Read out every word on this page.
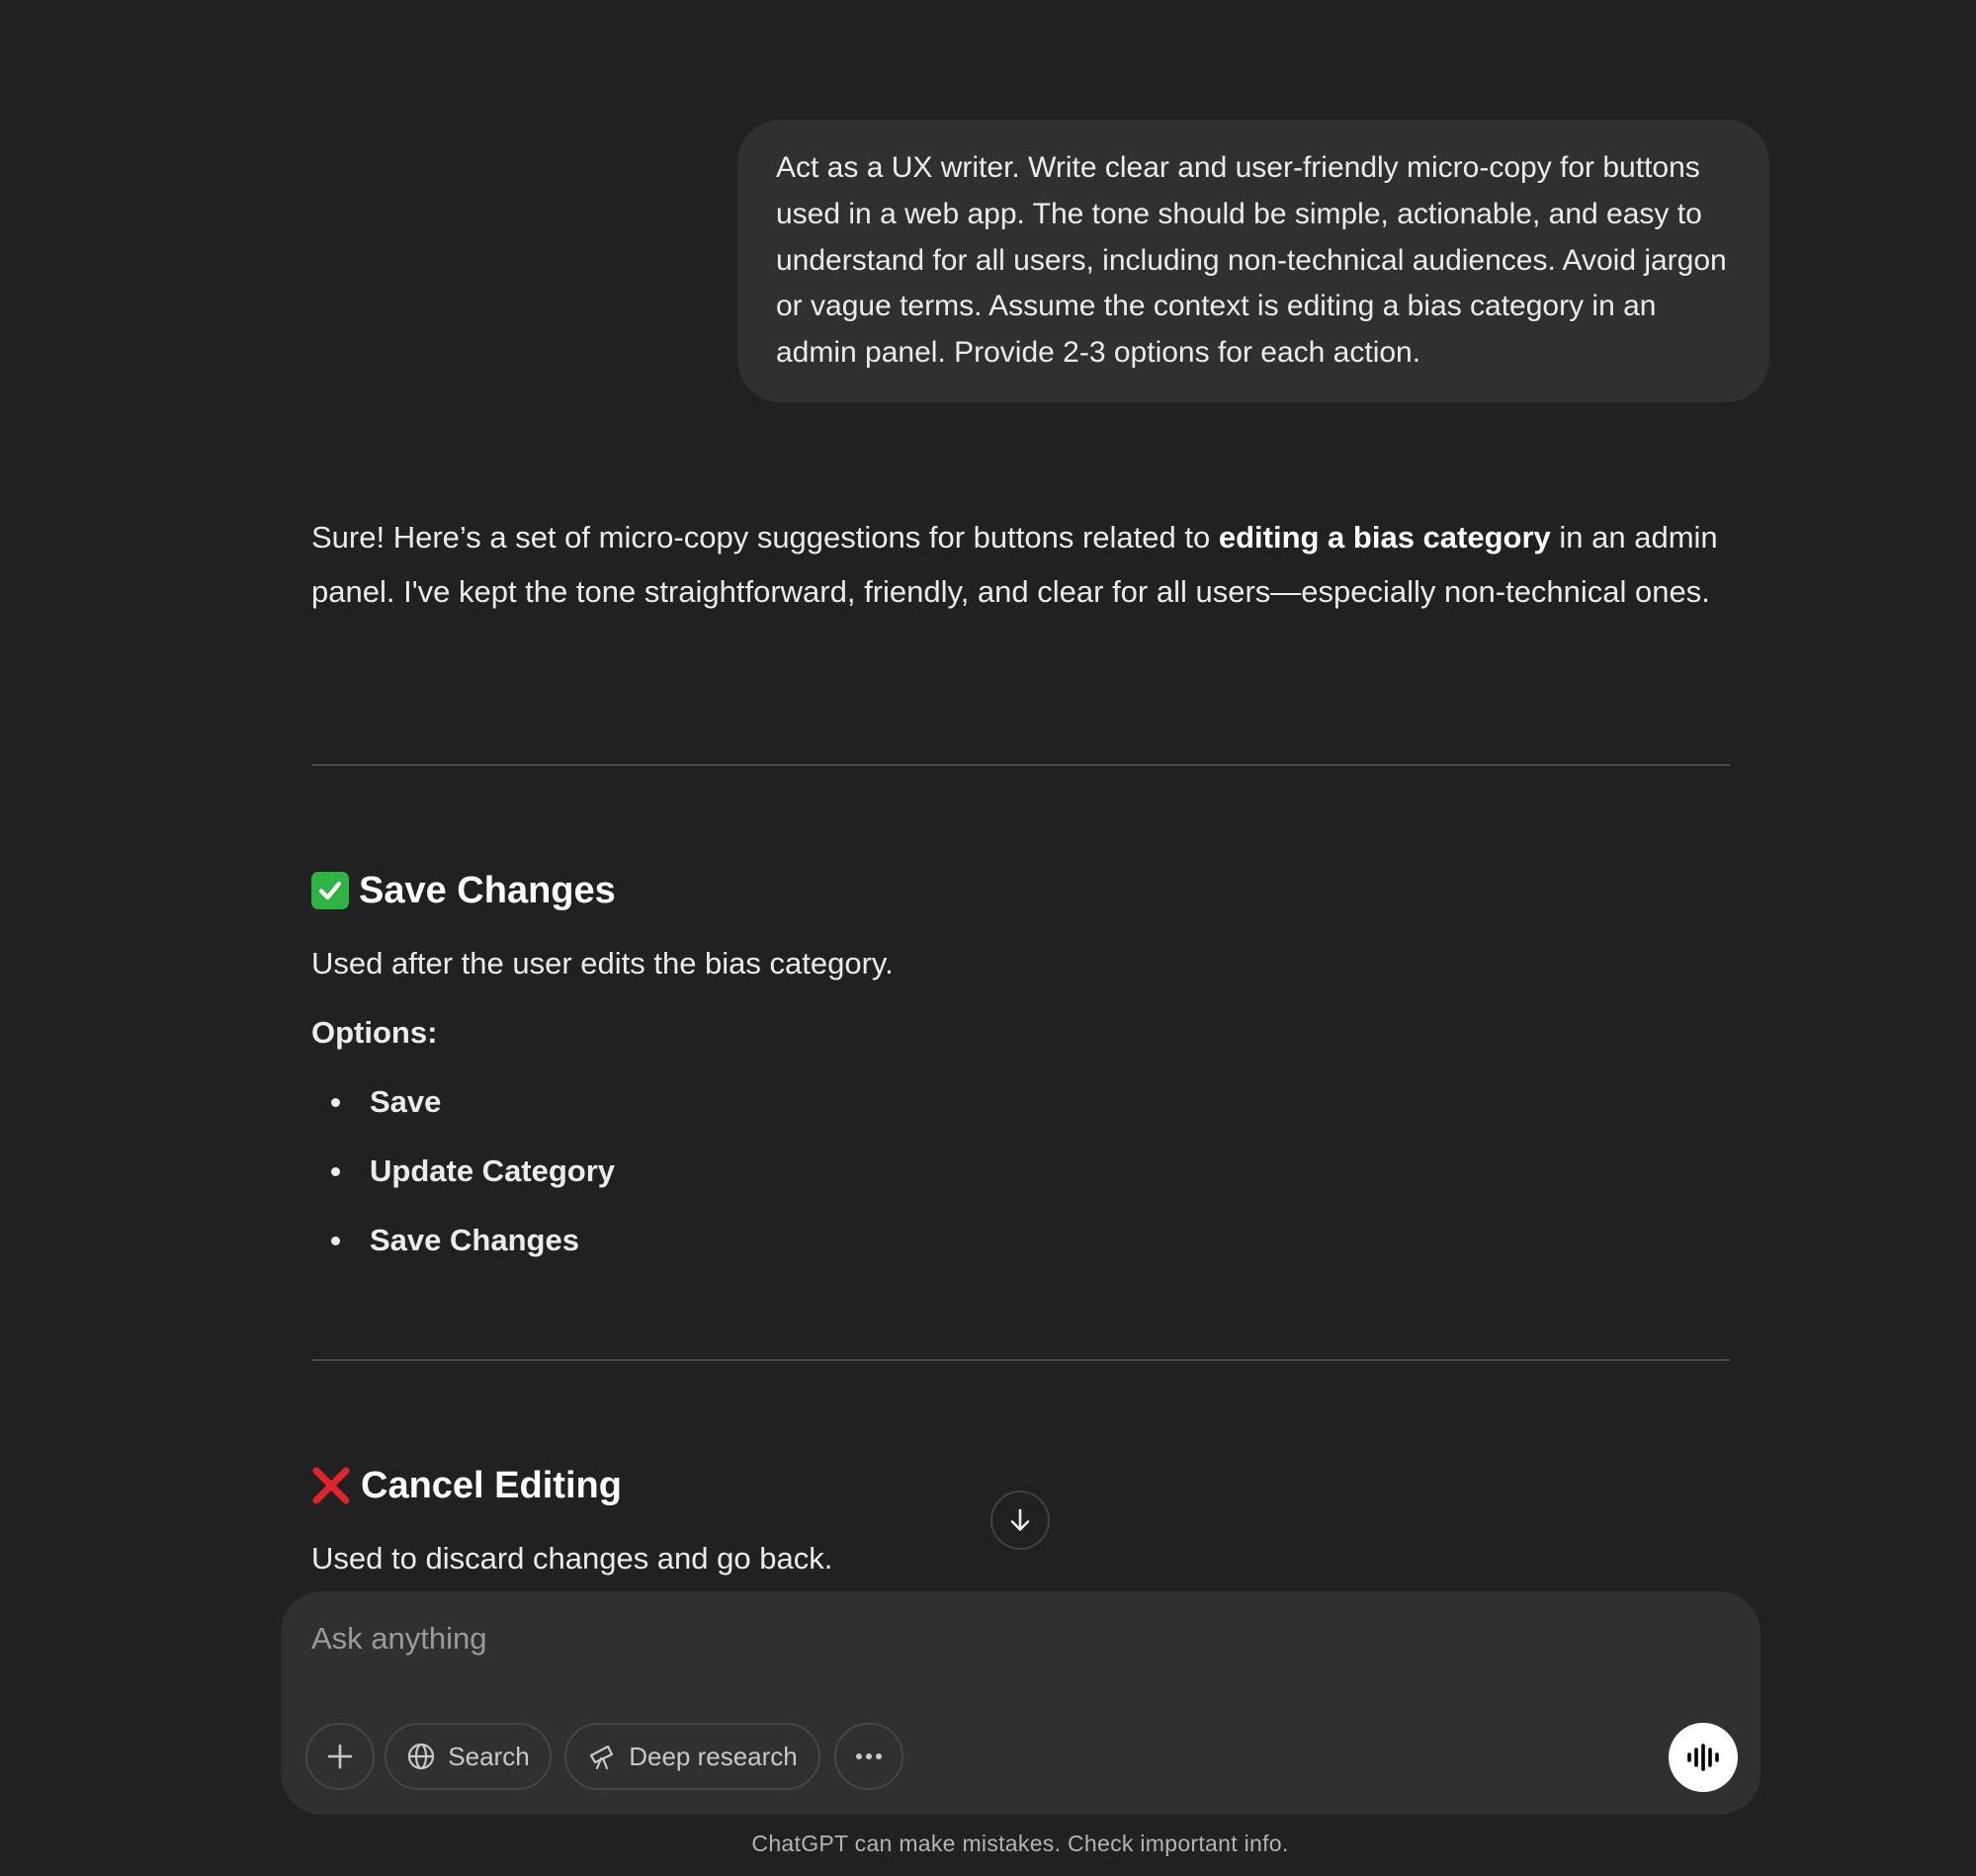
Act as a UX writer. Write clear and user-friendly micro-copy for buttons used in a web app. The tone should be simple, actionable, and easy to understand for all users, including non-technical audiences. Avoid jargon or vague terms. Assume the context is editing a bias category in an admin panel. Provide 2-3 options for each action.
Sure! Here’s a set of micro-copy suggestions for buttons related to editing a bias category in an admin panel. I've kept the tone straightforward, friendly, and clear for all users—especially non-technical ones.
Save Changes
Used after the user edits the bias category.
Options:
Save
Update Category
Save Changes
Cancel Editing
Used to discard changes and go back.
Ask anything
Search	Deep research
ChatGPT can make mistakes. Check important info.
